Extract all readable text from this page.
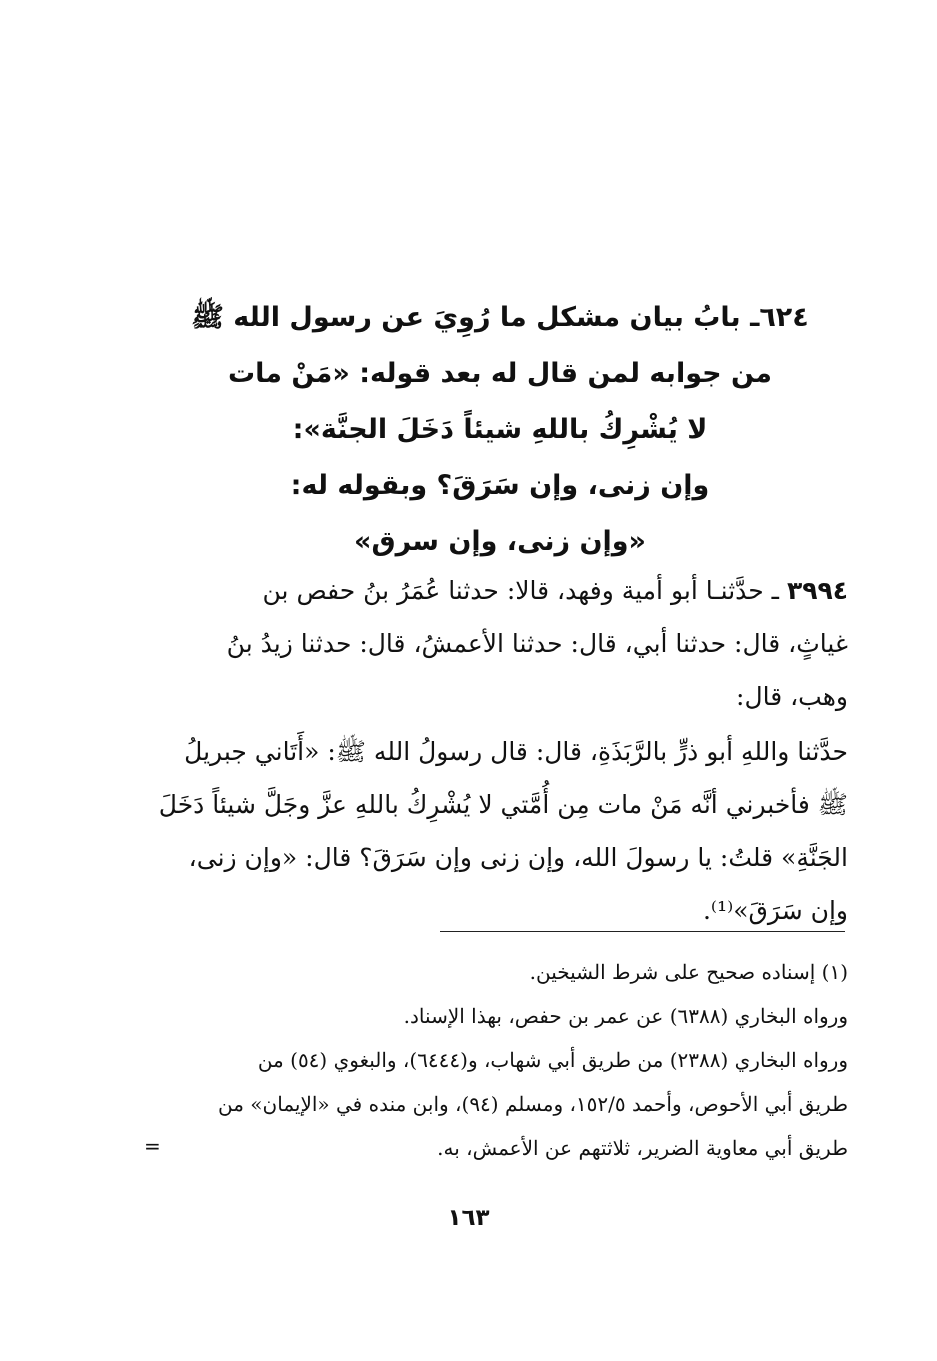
٦٢٤ـ بابُ بيان مشكل ما رُوِيَ عن رسول الله ﷺ
من جوابه لمن قال له بعد قوله: «مَنْ مات
لا يُشْرِكُ باللهِ شيئاً دَخَلَ الجنَّة»:
وإن زنى، وإن سَرَقَ؟ وبقوله له:
«وإن زنى، وإن سرق»
٣٩٩٤ ـ حدَّثنـا أبو أمية وفهد، قالا: حدثنا عُمَرُ بنُ حفص بن
غياثٍ، قال: حدثنا أبي، قال: حدثنا الأعمشُ، قال: حدثنا زيدُ بنُ
وهب، قال:
حدَّثنا واللهِ أبو ذرٍّ بالرَّبَذَةِ، قال: قال رسولُ الله ﷺ: «أَتَاني جبريلُ
ﷺ فأخبرني أنَّه مَنْ مات مِن أُمَّتي لا يُشْرِكُ باللهِ عزَّ وجَلَّ شيئاً دَخَلَ
الجَنَّةِ» قلتُ: يا رسولَ الله، وإن زنى وإن سَرَقَ؟ قال: «وإن زنى،
وإن سَرَقَ»⁽¹⁾.
(١) إسناده صحيح على شرط الشيخين.
ورواه البخاري (٦٣٨٨) عن عمر بن حفص، بهذا الإسناد.
ورواه البخاري (٢٣٨٨) من طريق أبي شهاب، و(٦٤٤٤)، والبغوي (٥٤) من
طريق أبي الأحوص، وأحمد ١٥٢/٥، ومسلم (٩٤)، وابن منده في «الإيمان» من
طريق أبي معاوية الضرير، ثلاثتهم عن الأعمش، به.
=
١٦٣
